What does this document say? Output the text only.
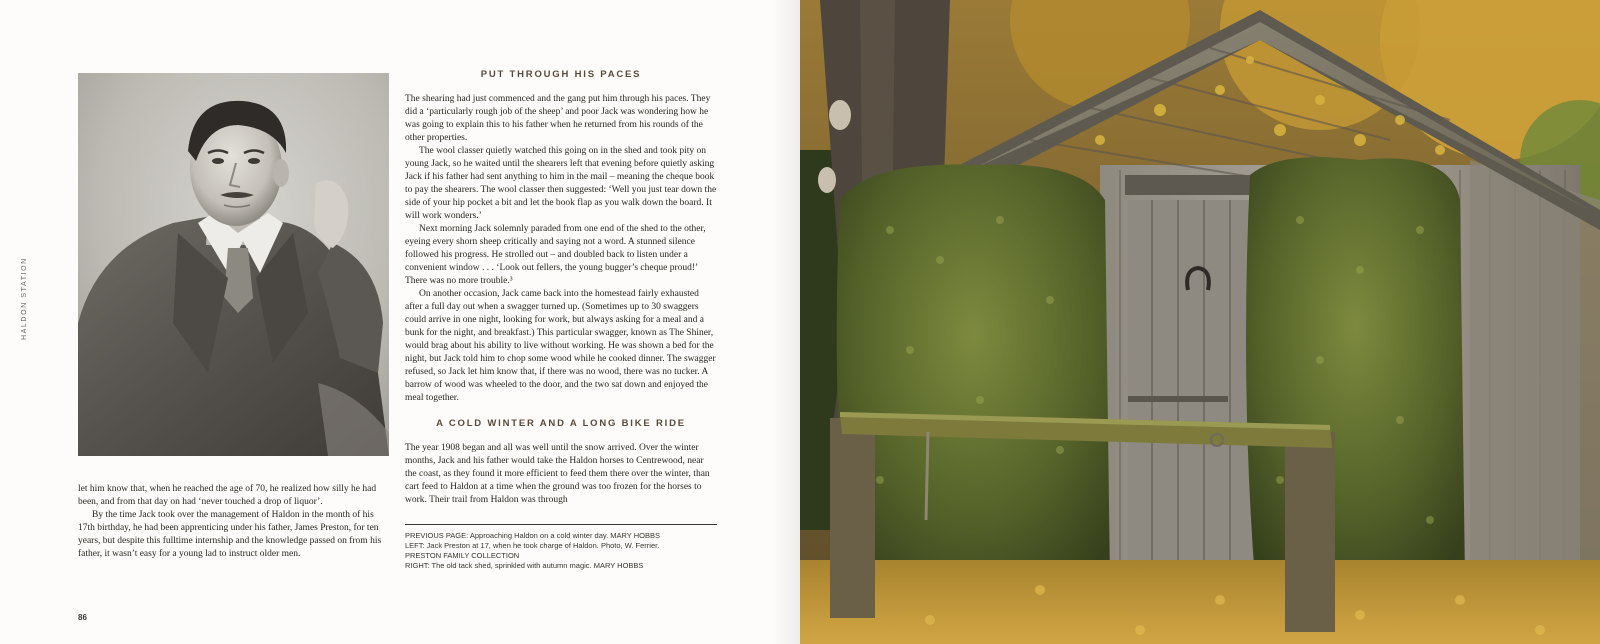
HALDON STATION

let him know that, when he reached the age of 70, he realized how silly he had been, and from that day on had ‘never touched a drop of liquor’.

By the time Jack took over the management of Haldon in the month of his 17th birthday, he had been apprenticing under his father, James Preston, for ten years, but despite this fulltime internship and the knowledge passed on from his father, it wasn’t easy for a young lad to instruct older men.

PUT THROUGH HIS PACES

The shearing had just commenced and the gang put him through his paces. They did a ‘particularly rough job of the sheep’ and poor Jack was wondering how he was going to explain this to his father when he returned from his rounds of the other properties.

The wool classer quietly watched this going on in the shed and took pity on young Jack, so he waited until the shearers left that evening before quietly asking Jack if his father had sent anything to him in the mail – meaning the cheque book to pay the shearers. The wool classer then suggested: ‘Well you just tear down the side of your hip pocket a bit and let the book flap as you walk down the board. It will work wonders.’

Next morning Jack solemnly paraded from one end of the shed to the other, eyeing every shorn sheep critically and saying not a word. A stunned silence followed his progress. He strolled out – and doubled back to listen under a convenient window . . . ‘Look out fellers, the young bugger’s cheque proud!’ There was no more trouble.³

On another occasion, Jack came back into the homestead fairly exhausted after a full day out when a swagger turned up. (Sometimes up to 30 swaggers could arrive in one night, looking for work, but always asking for a meal and a bunk for the night, and breakfast.) This particular swagger, known as The Shiner, would brag about his ability to live without working. He was shown a bed for the night, but Jack told him to chop some wood while he cooked dinner. The swagger refused, so Jack let him know that, if there was no wood, there was no tucker. A barrow of wood was wheeled to the door, and the two sat down and enjoyed the meal together.

A COLD WINTER AND A LONG BIKE RIDE

The year 1908 began and all was well until the snow arrived. Over the winter months, Jack and his father would take the Haldon horses to Centrewood, near the coast, as they found it more efficient to feed them there over the winter, than cart feed to Haldon at a time when the ground was too frozen for the horses to work. Their trail from Haldon was through

PREVIOUS PAGE: Approaching Haldon on a cold winter day. MARY HOBBS
LEFT: Jack Preston at 17, when he took charge of Haldon. Photo, W. Ferrier.
PRESTON FAMILY COLLECTION
RIGHT: The old tack shed, sprinkled with autumn magic. MARY HOBBS
86
